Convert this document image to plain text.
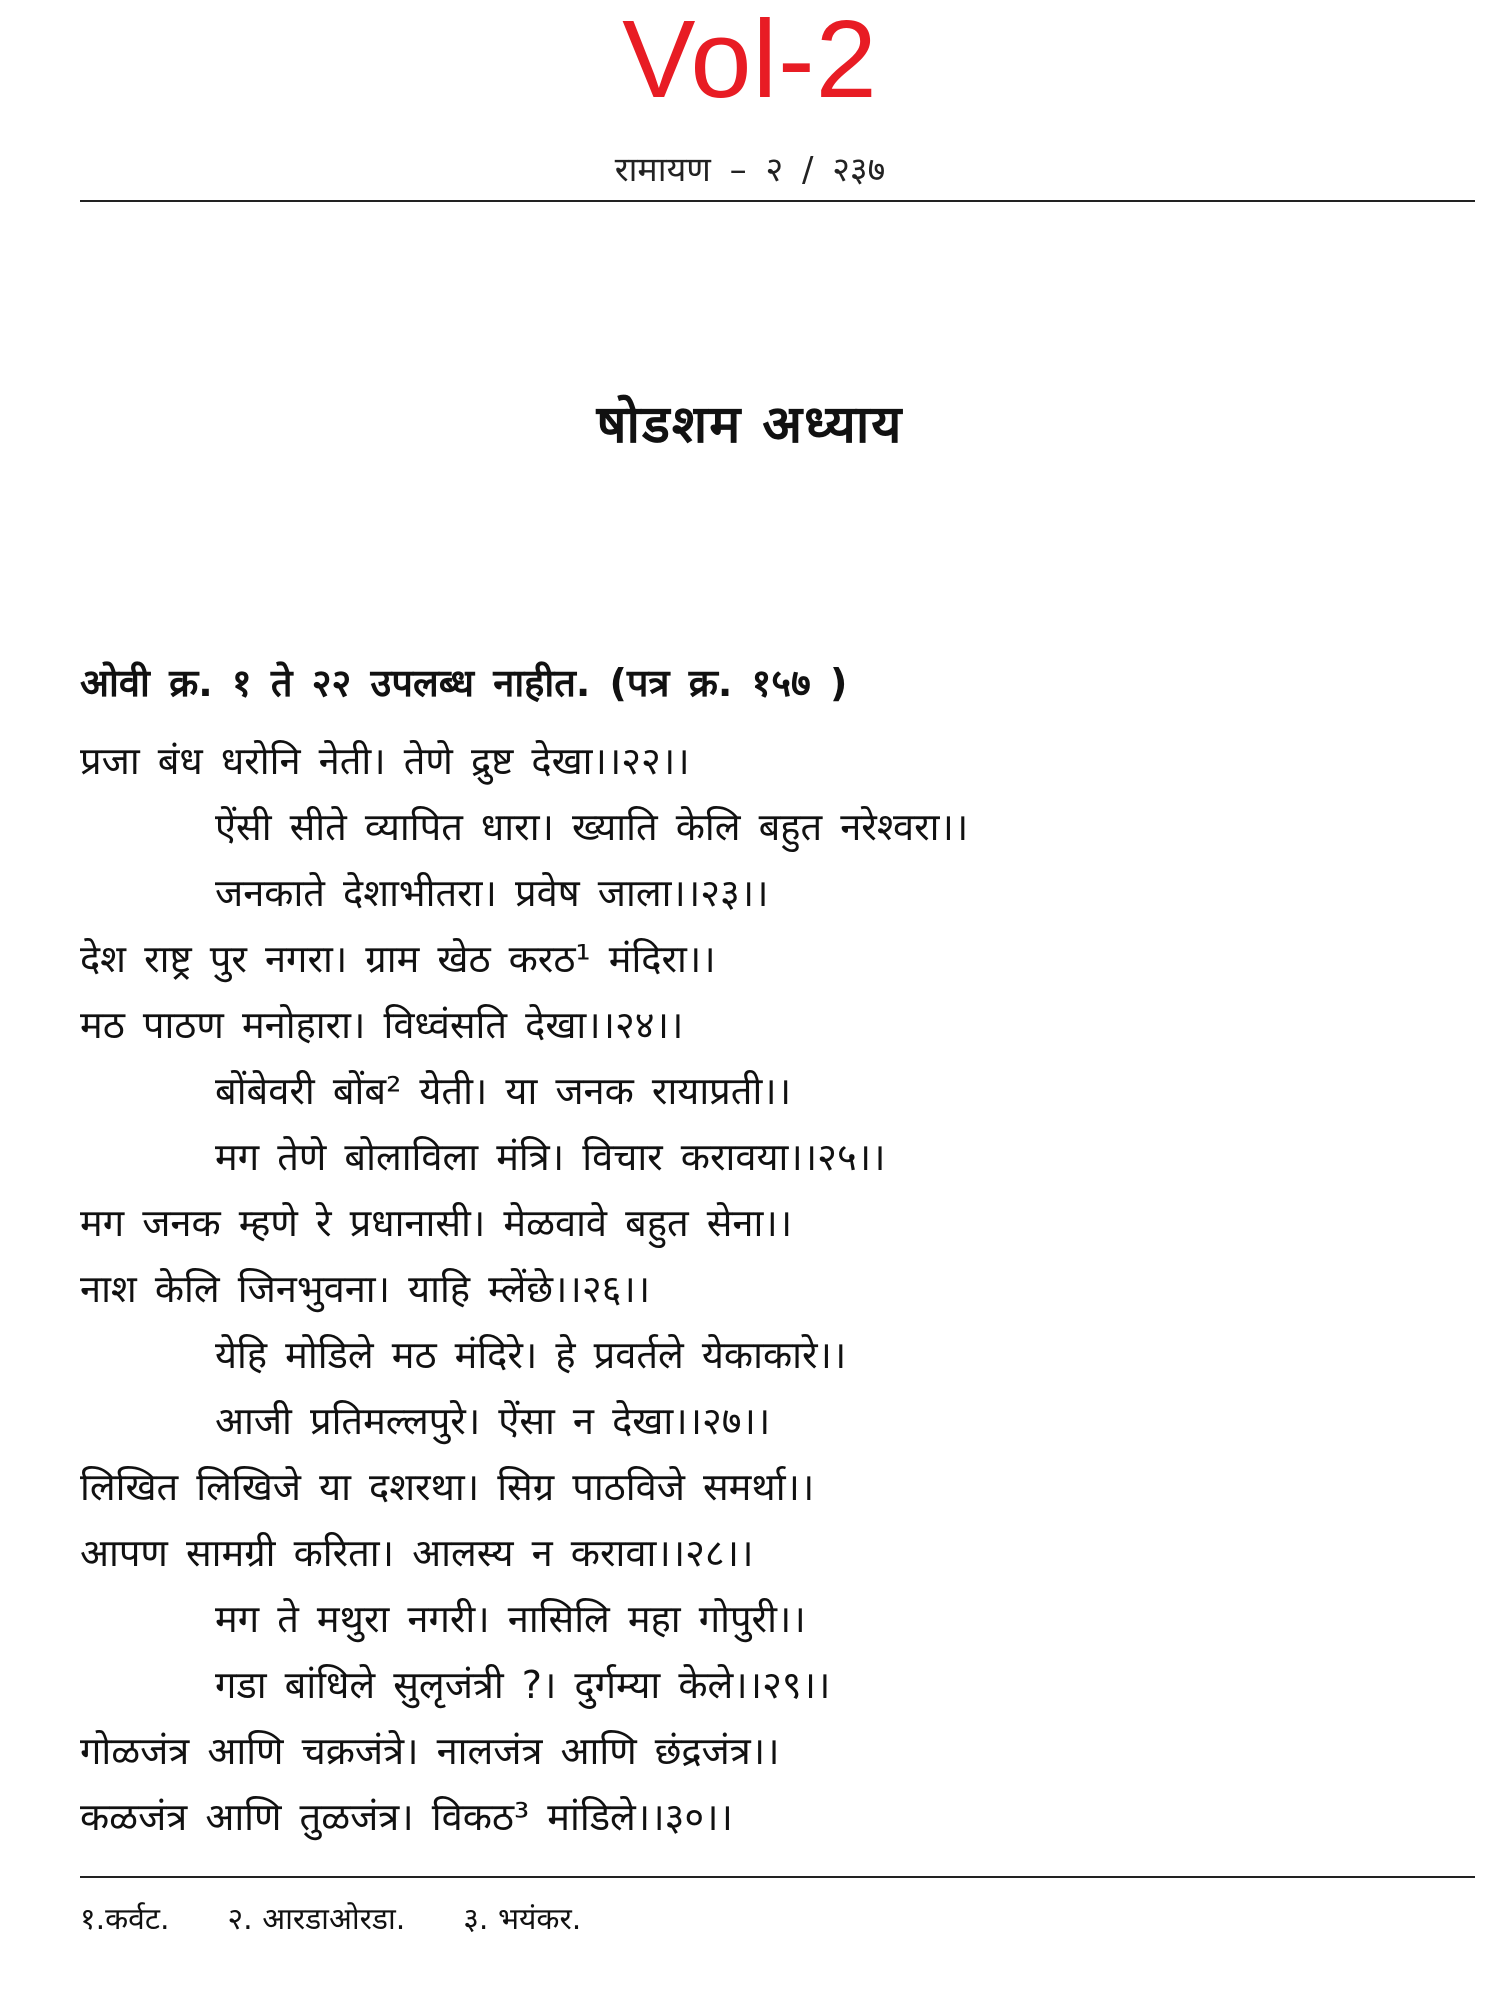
Vol-2
रामायण – २ / २३७
षोडशम अध्याय
ओवी क्र. १ ते २२ उपलब्ध नाहीत. (पत्र क्र. १५७ )
प्रजा बंध धरोनि नेती। तेणे द्रुष्ट देखा।।२२।।
ऐंसी सीते व्यापित धारा। ख्याति केलि बहुत नरेश्वरा।।
जनकाते देशाभीतरा। प्रवेष जाला।।२३।।
देश राष्ट्र पुर नगरा। ग्राम खेठ करठ¹ मंदिरा।।
मठ पाठण मनोहारा। विध्वंसति देखा।।२४।।
बोंबेवरी बोंब² येती। या जनक रायाप्रती।।
मग तेणे बोलाविला मंत्रि। विचार करावया।।२५।।
मग जनक म्हणे रे प्रधानासी। मेळवावे बहुत सेना।।
नाश केलि जिनभुवना। याहि म्लेंछे।।२६।।
येहि मोडिले मठ मंदिरे। हे प्रवर्तले येकाकारे।।
आजी प्रतिमल्लपुरे। ऐंसा न देखा।।२७।।
लिखित लिखिजे या दशरथा। सिग्र पाठविजे समर्था।।
आपण सामग्री करिता। आलस्य न करावा।।२८।।
मग ते मथुरा नगरी। नासिलि महा गोपुरी।।
गडा बांधिले सुलृजंत्री ?। दुर्गम्या केले।।२९।।
गोळजंत्र आणि चक्रजंत्रे। नालजंत्र आणि छंद्रजंत्र।।
कळजंत्र आणि तुळजंत्र। विकठ³ मांडिले।।३०।।
१.कर्वट. २. आरडाओरडा. ३. भयंकर.
